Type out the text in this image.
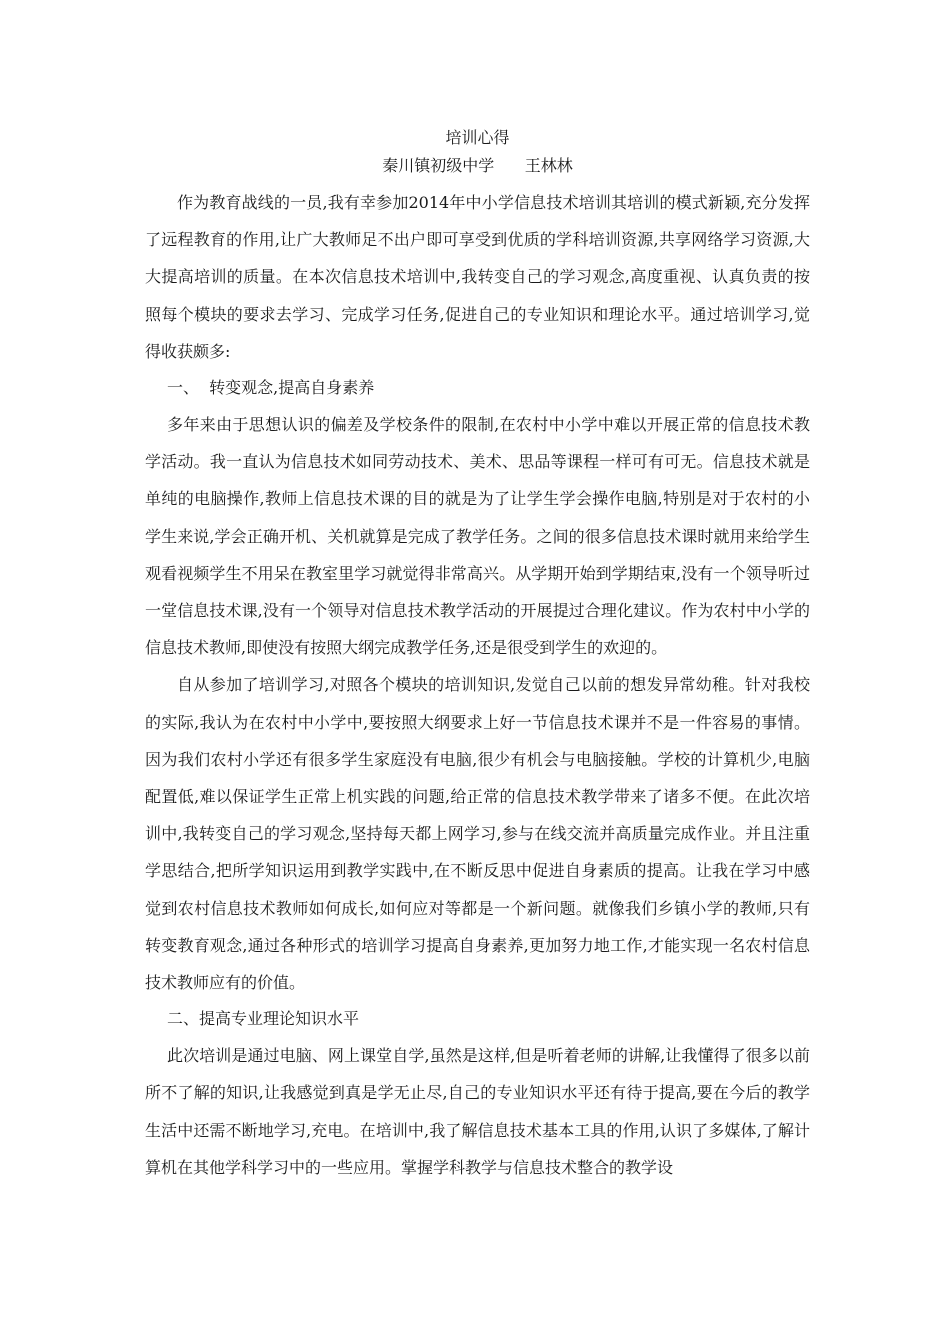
培训心得

秦川镇初级中学      王林林

作为教育战线的一员,我有幸参加2014年中小学信息技术培训其培训的模式新颖,充分发挥了远程教育的作用,让广大教师足不出户即可享受到优质的学科培训资源,共享网络学习资源,大大提高培训的质量。在本次信息技术培训中,我转变自己的学习观念,高度重视、认真负责的按照每个模块的要求去学习、完成学习任务,促进自己的专业知识和理论水平。通过培训学习,觉得收获颇多:

一、  转变观念,提高自身素养

多年来由于思想认识的偏差及学校条件的限制,在农村中小学中难以开展正常的信息技术教学活动。我一直认为信息技术如同劳动技术、美术、思品等课程一样可有可无。信息技术就是单纯的电脑操作,教师上信息技术课的目的就是为了让学生学会操作电脑,特别是对于农村的小学生来说,学会正确开机、关机就算是完成了教学任务。之间的很多信息技术课时就用来给学生观看视频学生不用呆在教室里学习就觉得非常高兴。从学期开始到学期结束,没有一个领导听过一堂信息技术课,没有一个领导对信息技术教学活动的开展提过合理化建议。作为农村中小学的信息技术教师,即使没有按照大纲完成教学任务,还是很受到学生的欢迎的。

自从参加了培训学习,对照各个模块的培训知识,发觉自己以前的想发异常幼稚。针对我校的实际,我认为在农村中小学中,要按照大纲要求上好一节信息技术课并不是一件容易的事情。因为我们农村小学还有很多学生家庭没有电脑,很少有机会与电脑接触。学校的计算机少,电脑配置低,难以保证学生正常上机实践的问题,给正常的信息技术教学带来了诸多不便。在此次培训中,我转变自己的学习观念,坚持每天都上网学习,参与在线交流并高质量完成作业。并且注重学思结合,把所学知识运用到教学实践中,在不断反思中促进自身素质的提高。让我在学习中感觉到农村信息技术教师如何成长,如何应对等都是一个新问题。就像我们乡镇小学的教师,只有转变教育观念,通过各种形式的培训学习提高自身素养,更加努力地工作,才能实现一名农村信息技术教师应有的价值。

二、提高专业理论知识水平

此次培训是通过电脑、网上课堂自学,虽然是这样,但是听着老师的讲解,让我懂得了很多以前所不了解的知识,让我感觉到真是学无止尽,自己的专业知识水平还有待于提高,要在今后的教学生活中还需不断地学习,充电。在培训中,我了解信息技术基本工具的作用,认识了多媒体,了解计算机在其他学科学习中的一些应用。掌握学科教学与信息技术整合的教学设
